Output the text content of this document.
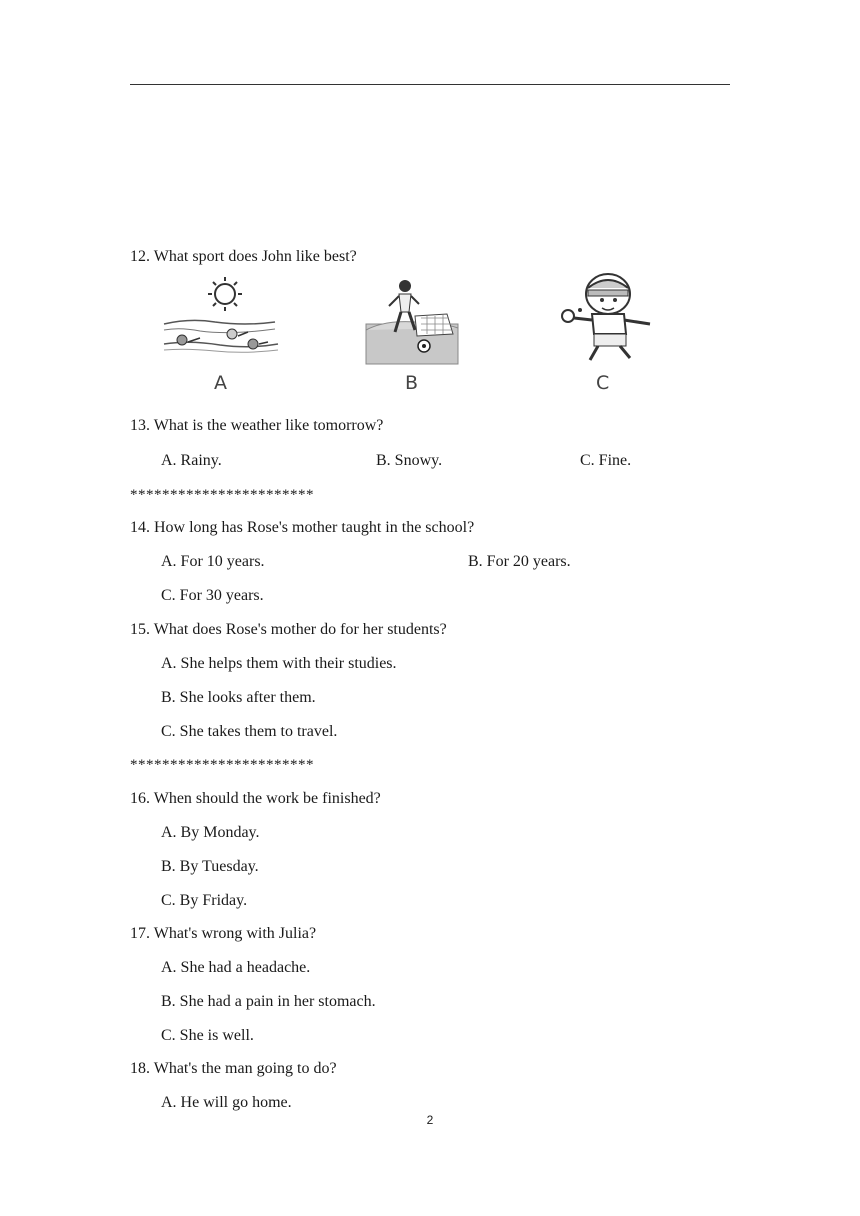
12. What sport does John like best?
A	B	C
13. What is the weather like tomorrow?
A. Rainy.	B. Snowy.	C. Fine.
***********************
14. How long has Rose's mother taught in the school?
A. For 10 years.	B. For 20 years.
C. For 30 years.
15. What does Rose's mother do for her students?
A. She helps them with their studies.
B. She looks after them.
C. She takes them to travel.
***********************
16. When should the work be finished?
A. By Monday.
B. By Tuesday.
C. By Friday.
17. What's wrong with Julia?
A. She had a headache.
B. She had a pain in her stomach.
C. She is well.
18. What's the man going to do?
A. He will go home.
2
